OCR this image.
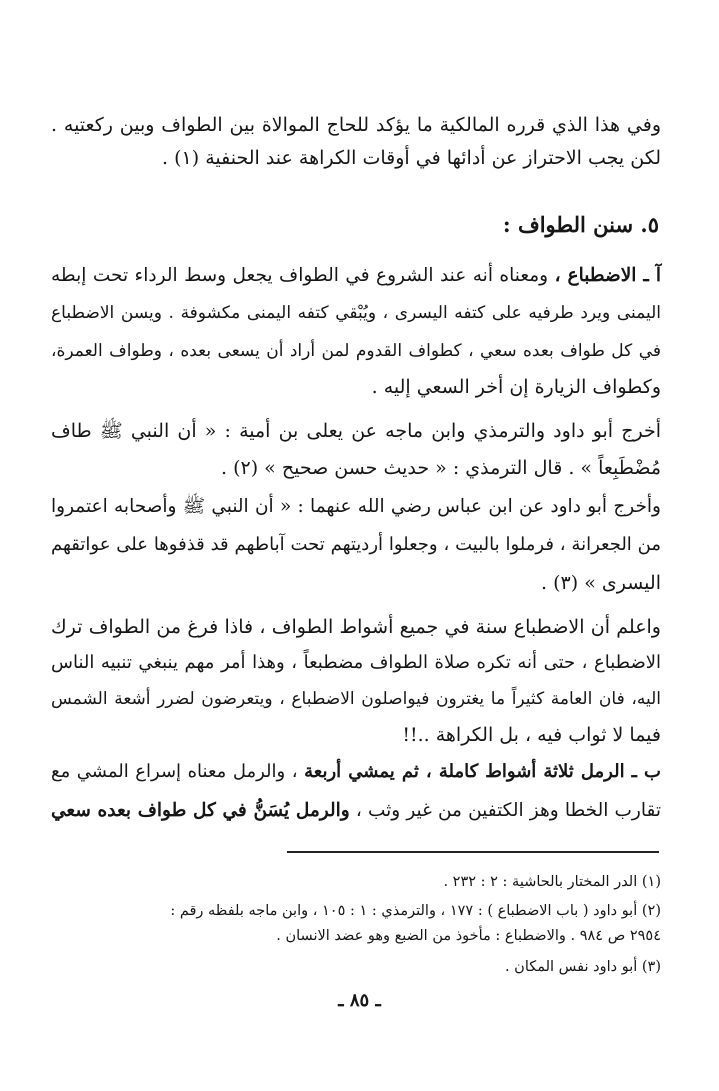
وفي هذا الذي قرره المالكية ما يؤكد للحاج الموالاة بين الطواف وبين ركعتيه .
لكن يجب الاحتراز عن أدائها في أوقات الكراهة عند الحنفية (١) .
٥. سنن الطواف :
آ ـ الاضطباع ، ومعناه أنه عند الشروع في الطواف يجعل وسط الرداء تحت إبطه
اليمنى ويرد طرفيه على كتفه اليسرى ، ويُبْقي كتفه اليمنى مكشوفة . ويسن الاضطباع
في كل طواف بعده سعي ، كطواف القدوم لمن أراد أن يسعى بعده ، وطواف العمرة،
وكطواف الزيارة إن أخر السعي إليه .
أخرج أبو داود والترمذي وابن ماجه عن يعلى بن أمية : « أن النبي ﷺ طاف
مُضْطَبِعاً » . قال الترمذي : « حديث حسن صحيح » (٢) .
وأخرج أبو داود عن ابن عباس رضي الله عنهما : « أن النبي ﷺ وأصحابه اعتمروا
من الجعرانة ، فرملوا بالبيت ، وجعلوا أرديتهم تحت آباطهم قد قذفوها على عواتقهم
اليسرى » (٣) .
واعلم أن الاضطباع سنة في جميع أشواط الطواف ، فاذا فرغ من الطواف ترك
الاضطباع ، حتى أنه تكره صلاة الطواف مضطبعاً ، وهذا أمر مهم ينبغي تنبيه الناس
اليه، فان العامة كثيراً ما يغترون فيواصلون الاضطباع ، ويتعرضون لضرر أشعة الشمس
فيما لا ثواب فيه ، بل الكراهة ..!!
ب ـ الرمل ثلاثة أشواط كاملة ، ثم يمشي أربعة ، والرمل معناه إسراع المشي مع
تقارب الخطا وهز الكتفين من غير وثب ، والرمل يُسَنُّ في كل طواف بعده سعي
(١) الدر المختار بالحاشية : ٢ : ٢٣٢ .
(٢) أبو داود ( باب الاضطباع ) : ١٧٧ ، والترمذي : ١ : ١٠٥ ، وابن ماجه بلفظه رقم :
٢٩٥٤ ص ٩٨٤ . والاضطباع : مأخوذ من الضبع وهو عضد الانسان .
(٣) أبو داود نفس المكان .
ـ ٨٥ ـ
